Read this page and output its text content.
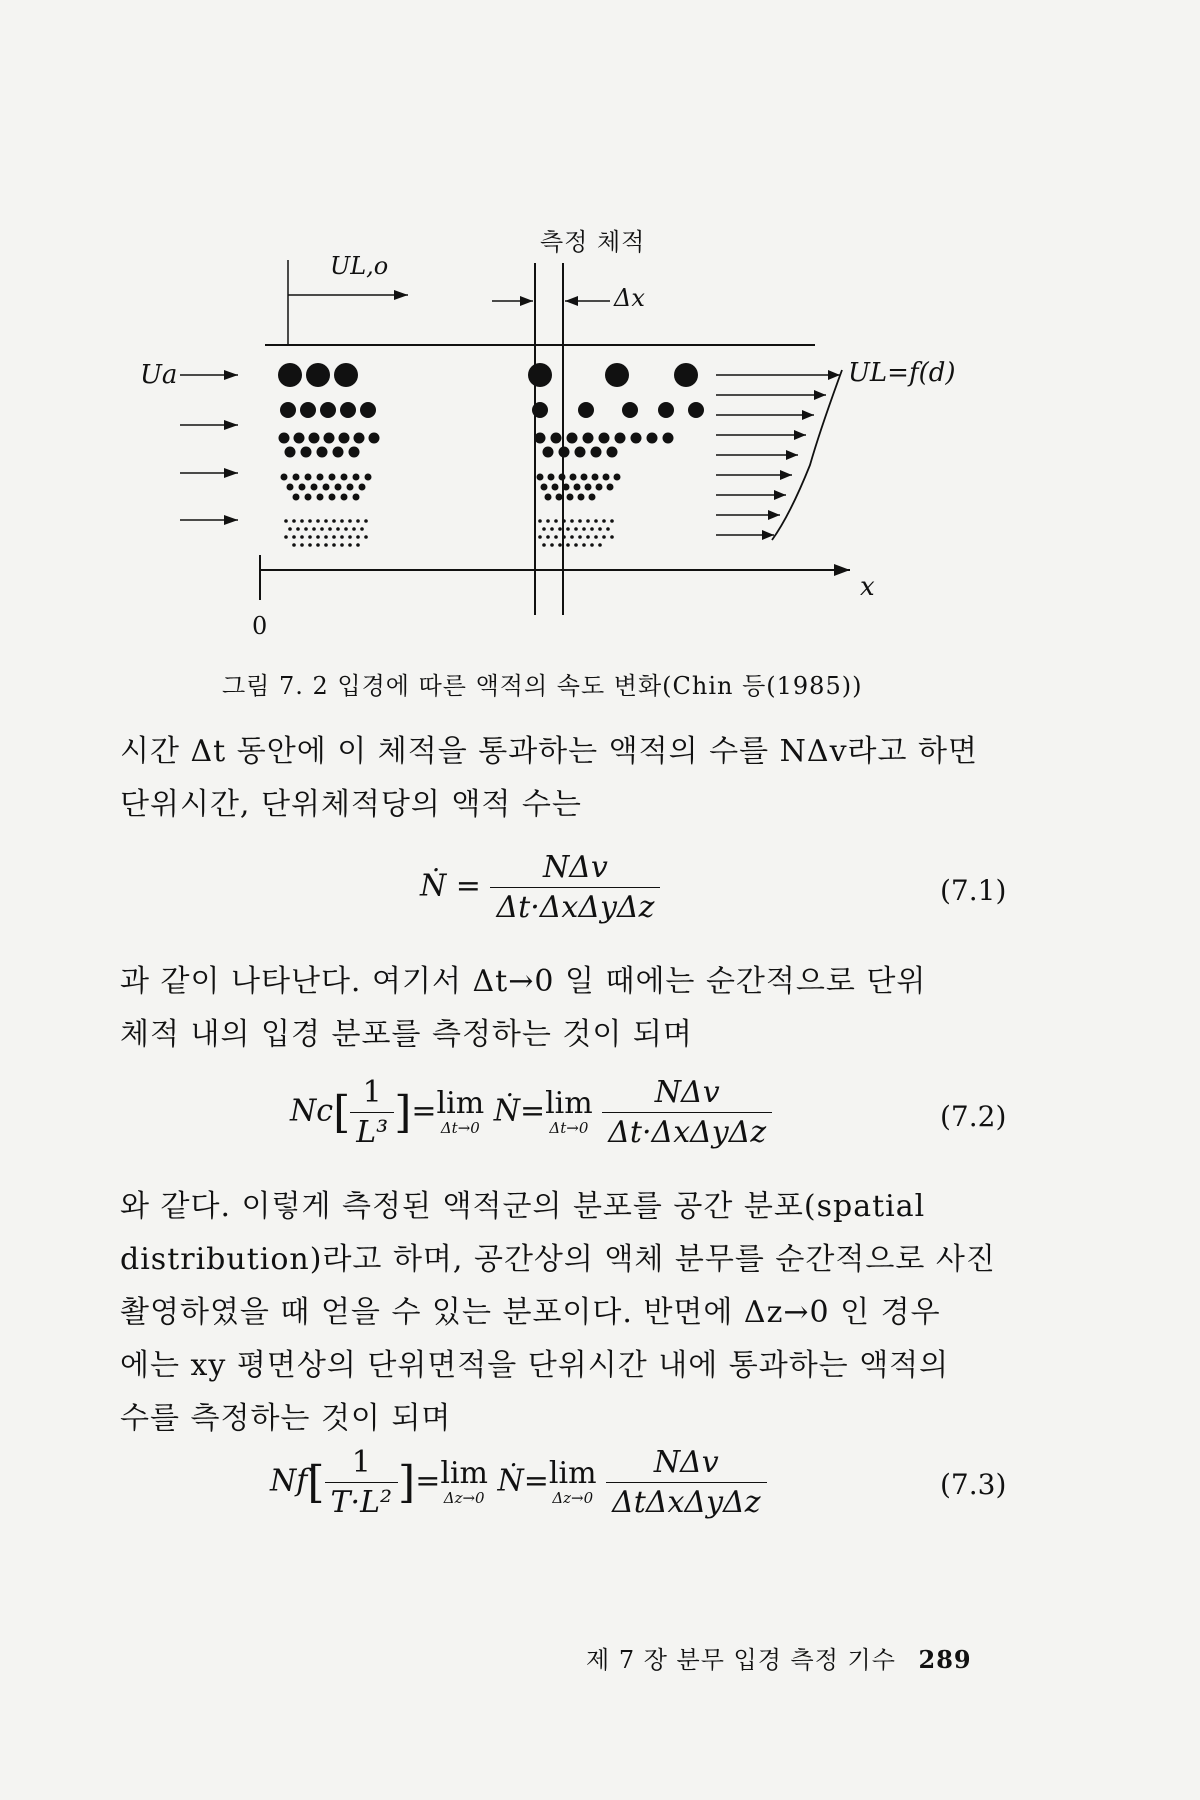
측정 체적
UL,o
Δx
Ua	UL=f(d)
x
0
그림 7. 2 입경에 따른 액적의 속도 변화(Chin 등(1985))
시간 Δt 동안에 이 체적을 통과하는 액적의 수를 NΔv라고 하면
단위시간, 단위체적당의 액적 수는
Ṅ = $\frac{\text{NΔv}}{\text{Δt·ΔxΔyΔz}}$	(7.1)
과 같이 나타난다. 여기서 Δt→0 일 때에는 순간적으로 단위
체적 내의 입경 분포를 측정하는 것이 되며
$Nc[ \frac{1}{\text{L³}} ]=\lim$
Δt→0 Ṅ=lim
Δt→0
$\frac{\text{NΔv}}{\text{Δt·ΔxΔyΔz}}$	(7.2)
와 같다. 이렇게 측정된 액적군의 분포를 공간 분포(spatial
distribution)라고 하며, 공간상의 액체 분무를 순간적으로 사진
촬영하였을 때 얻을 수 있는 분포이다. 반면에 Δz→0 인 경우
에는 xy 평면상의 단위면적을 단위시간 내에 통과하는 액적의
수를 측정하는 것이 되며
$Nf[ \frac{1}{\text{T·L²}} ]=\lim$
Δz→0 Ṅ=lim
Δz→0
$\frac{\text{NΔv}}{\text{ΔtΔxΔyΔz}}$	(7.3)
제 7 장 분무 입경 측정 기수 289
